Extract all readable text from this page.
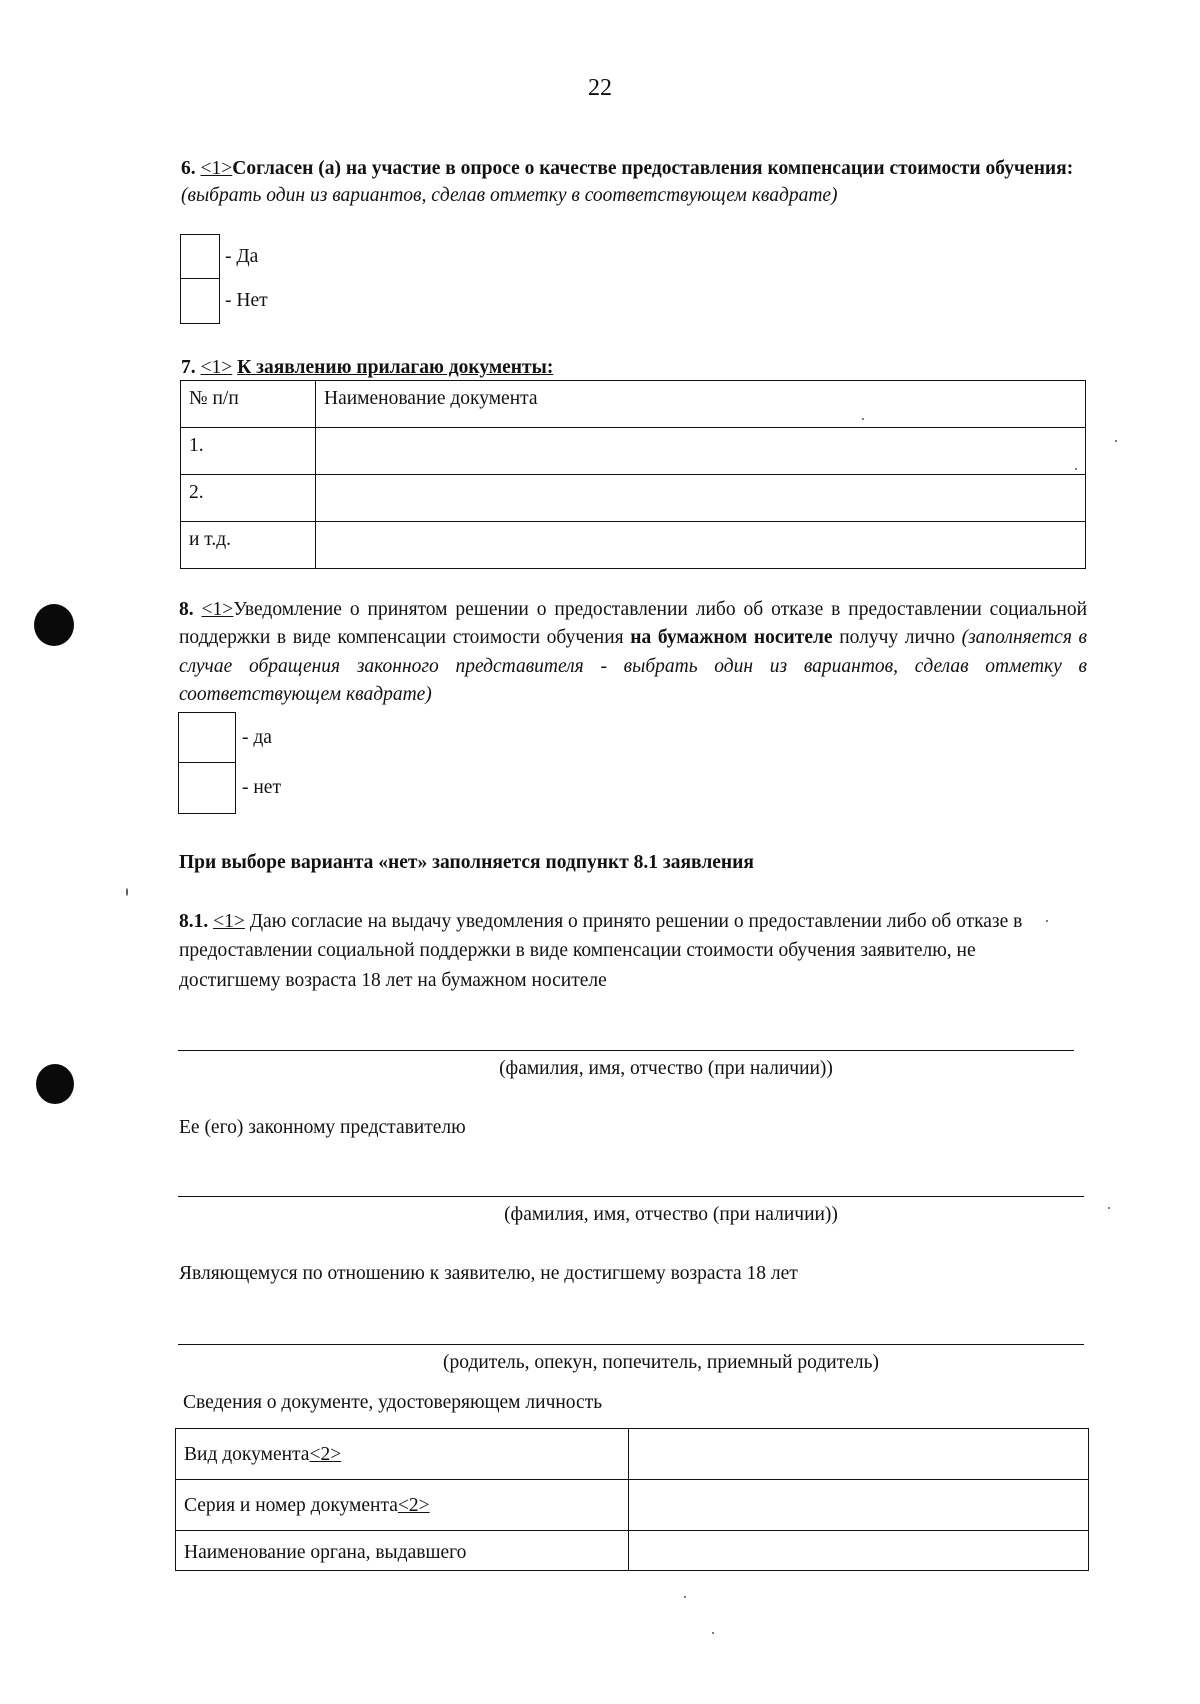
22
6. <1>Согласен (а) на участие в опросе о качестве предоставления компенсации стоимости обучения: (выбрать один из вариантов, сделав отметку в соответствующем квадрате)
- Да
- Нет
7. <1> К заявлению прилагаю документы:
№ п/п	Наименование документа
1.	
2.	
и т.д.	
8. <1>Уведомление о принятом решении о предоставлении либо об отказе в предоставлении социальной поддержки в виде компенсации стоимости обучения на бумажном носителе получу лично (заполняется в случае обращения законного представителя - выбрать один из вариантов, сделав отметку в соответствующем квадрате)
- да
- нет
При выборе варианта «нет» заполняется подпункт 8.1 заявления
8.1. <1> Даю согласие на выдачу уведомления о принято решении о предоставлении либо об отказе в предоставлении социальной поддержки в виде компенсации стоимости обучения заявителю, не достигшему возраста 18 лет на бумажном носителе
(фамилия, имя, отчество (при наличии))
Ее (его) законному представителю
(фамилия, имя, отчество (при наличии))
Являющемуся по отношению к заявителю, не достигшему возраста 18 лет
(родитель, опекун, попечитель, приемный родитель)
Сведения о документе, удостоверяющем личность
Вид документа<2>	
Серия и номер документа<2>	
Наименование органа, выдавшего	
